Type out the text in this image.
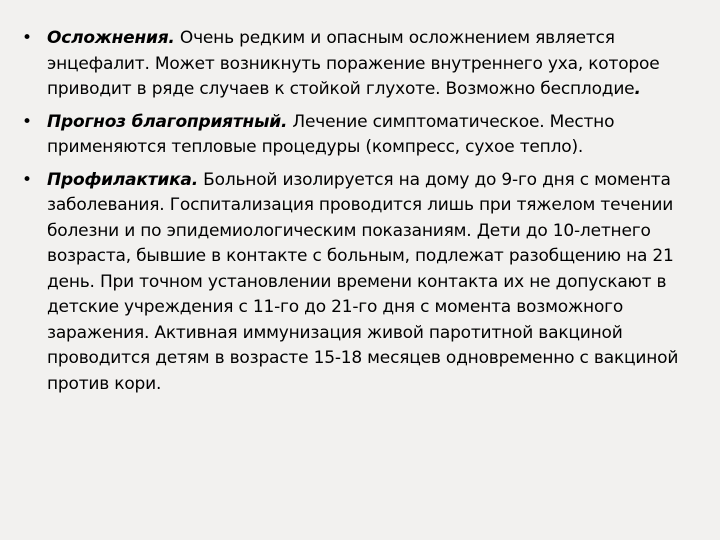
• Осложнения. Очень редким и опасным осложнением является энцефалит. Может возникнуть поражение внутреннего уха, которое приводит в ряде случаев к стойкой глухоте. Возможно бесплодие.
• Прогноз благоприятный. Лечение симптоматическое. Местно применяются тепловые процедуры (компресс, сухое тепло).
• Профилактика. Больной изолируется на дому до 9-го дня с момента заболевания. Госпитализация проводится лишь при тяжелом течении болезни и по эпидемиологическим показаниям. Дети до 10-летнего возраста, бывшие в контакте с больным, подлежат разобщению на 21 день. При точном установлении времени контакта их не допускают в детские учреждения с 11-го до 21-го дня с момента возможного заражения. Активная иммунизация живой паротитной вакциной проводится детям в возрасте 15-18 месяцев одновременно с вакциной против кори.
